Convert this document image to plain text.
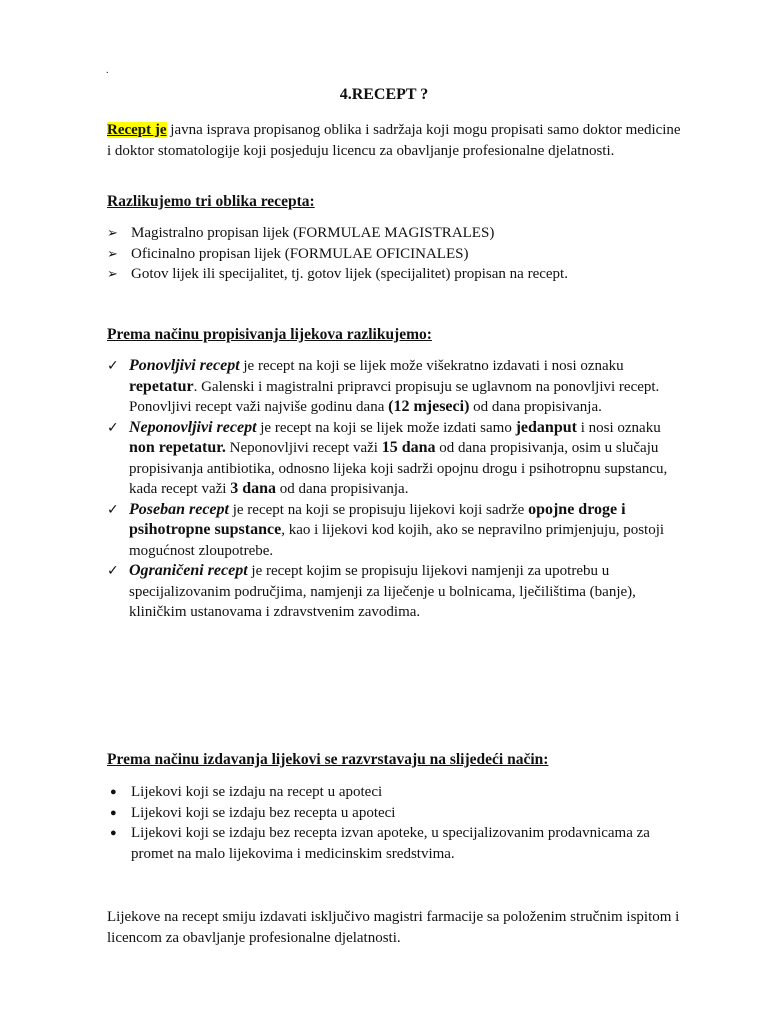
.
4.RECEPT ?
Recept je javna isprava propisanog oblika i sadržaja koji mogu propisati samo doktor medicine i doktor stomatologije koji posjeduju licencu za obavljanje profesionalne djelatnosti.
Razlikujemo tri oblika recepta:
➢ Magistralno propisan lijek (FORMULAE MAGISTRALES)
➢ Oficinalno propisan lijek (FORMULAE OFICINALES)
➢ Gotov lijek ili specijalitet, tj. gotov lijek (specijalitet) propisan na recept.
Prema načinu propisivanja lijekova razlikujemo:
✓ Ponovljivi recept je recept na koji se lijek može višekratno izdavati i nosi oznaku repetatur. Galenski i magistralni pripravci propisuju se uglavnom na ponovljivi recept. Ponovljivi recept važi najviše godinu dana (12 mjeseci) od dana propisivanja.
✓ Neponovljivi recept je recept na koji se lijek može izdati samo jedanput i nosi oznaku non repetatur. Neponovljivi recept važi 15 dana od dana propisivanja, osim u slučaju propisivanja antibiotika, odnosno lijeka koji sadrži opojnu drogu i psihotropnu supstancu, kada recept važi 3 dana od dana propisivanja.
✓ Poseban recept je recept na koji se propisuju lijekovi koji sadrže opojne droge i psihotropne supstance, kao i lijekovi kod kojih, ako se nepravilno primjenjuju, postoji mogućnost zloupotrebe.
✓ Ograničeni recept je recept kojim se propisuju lijekovi namjenji za upotrebu u specijalizovanim područjima, namjenji za liječenje u bolnicama, lječilištima (banje), kliničkim ustanovama i zdravstvenim zavodima.
Prema načinu izdavanja lijekovi se razvrstavaju na slijedeći način:
● Lijekovi koji se izdaju na recept u apoteci
● Lijekovi koji se izdaju bez recepta u apoteci
● Lijekovi koji se izdaju bez recepta izvan apoteke, u specijalizovanim prodavnicama za promet na malo lijekovima i medicinskim sredstvima.
Lijekove na recept smiju izdavati isključivo magistri farmacije sa položenim stručnim ispitom i licencom za obavljanje profesionalne djelatnosti.
